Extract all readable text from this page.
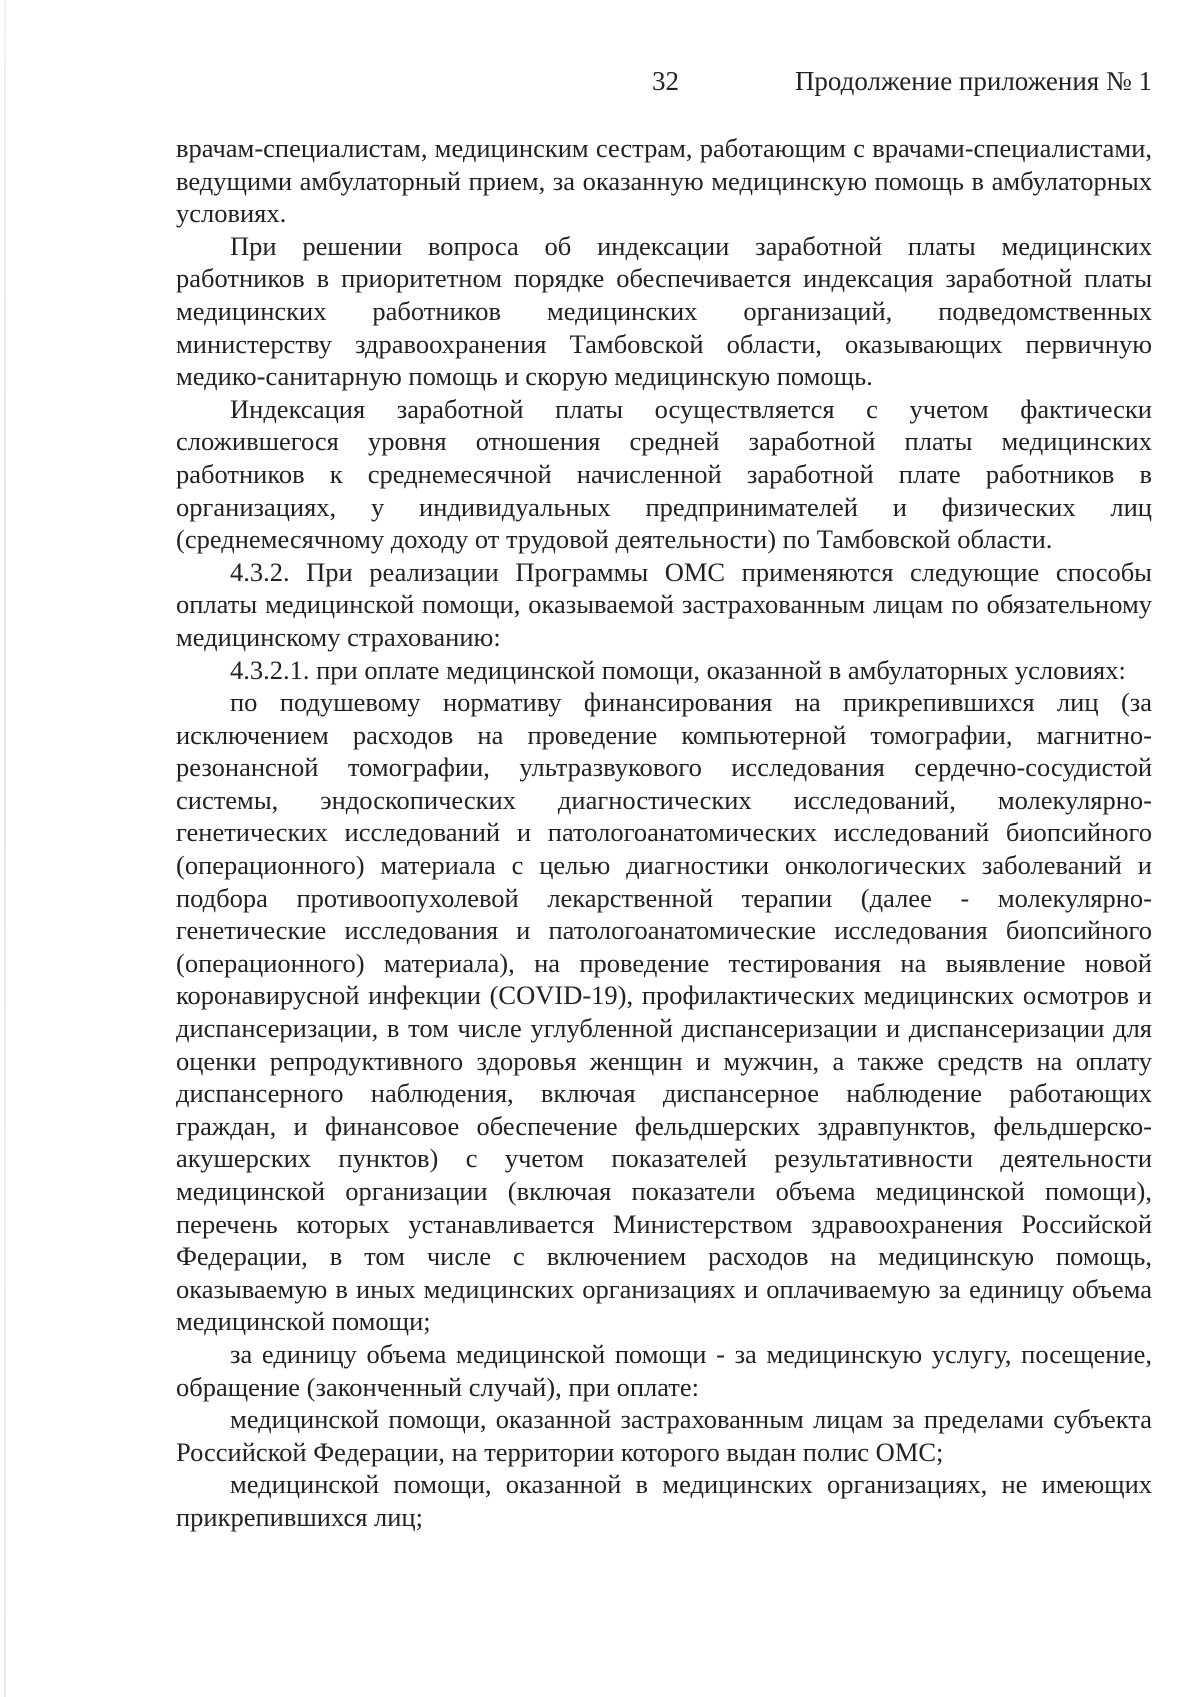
32	Продолжение приложения № 1

врачам-специалистам, медицинским сестрам, работающим с врачами-специалистами, ведущими амбулаторный прием, за оказанную медицинскую помощь в амбулаторных условиях.

При решении вопроса об индексации заработной платы медицинских работников в приоритетном порядке обеспечивается индексация заработной платы медицинских работников медицинских организаций, подведомственных министерству здравоохранения Тамбовской области, оказывающих первичную медико-санитарную помощь и скорую медицинскую помощь.

Индексация заработной платы осуществляется с учетом фактически сложившегося уровня отношения средней заработной платы медицинских работников к среднемесячной начисленной заработной плате работников в организациях, у индивидуальных предпринимателей и физических лиц (среднемесячному доходу от трудовой деятельности) по Тамбовской области.

4.3.2. При реализации Программы ОМС применяются следующие способы оплаты медицинской помощи, оказываемой застрахованным лицам по обязательному медицинскому страхованию:

4.3.2.1. при оплате медицинской помощи, оказанной в амбулаторных условиях:

по подушевому нормативу финансирования на прикрепившихся лиц (за исключением расходов на проведение компьютерной томографии, магнитно-резонансной томографии, ультразвукового исследования сердечно-сосудистой системы, эндоскопических диагностических исследований, молекулярно-генетических исследований и патологоанатомических исследований биопсийного (операционного) материала с целью диагностики онкологических заболеваний и подбора противоопухолевой лекарственной терапии (далее - молекулярно-генетические исследования и патологоанатомические исследования биопсийного (операционного) материала), на проведение тестирования на выявление новой коронавирусной инфекции (COVID-19), профилактических медицинских осмотров и диспансеризации, в том числе углубленной диспансеризации и диспансеризации для оценки репродуктивного здоровья женщин и мужчин, а также средств на оплату диспансерного наблюдения, включая диспансерное наблюдение работающих граждан, и финансовое обеспечение фельдшерских здравпунктов, фельдшерско-акушерских пунктов) с учетом показателей результативности деятельности медицинской организации (включая показатели объема медицинской помощи), перечень которых устанавливается Министерством здравоохранения Российской Федерации, в том числе с включением расходов на медицинскую помощь, оказываемую в иных медицинских организациях и оплачиваемую за единицу объема медицинской помощи;

за единицу объема медицинской помощи - за медицинскую услугу, посещение, обращение (законченный случай), при оплате:

медицинской помощи, оказанной застрахованным лицам за пределами субъекта Российской Федерации, на территории которого выдан полис ОМС;

медицинской помощи, оказанной в медицинских организациях, не имеющих прикрепившихся лиц;
